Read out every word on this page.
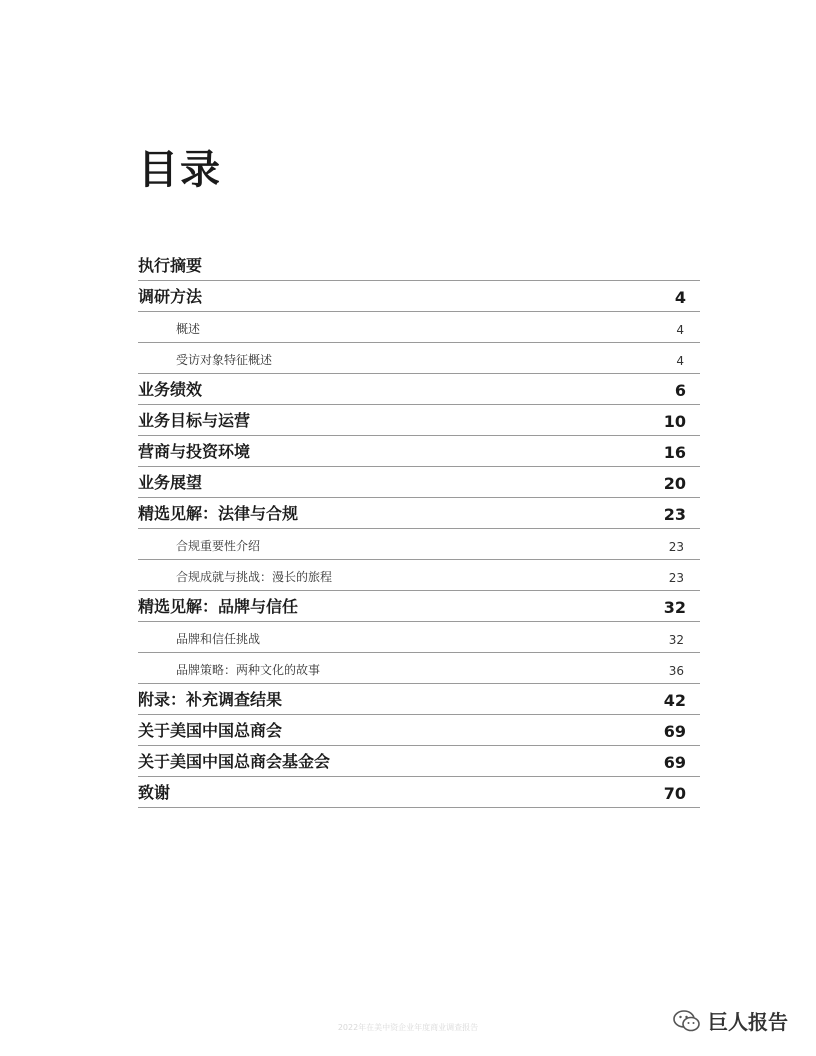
目录
执行摘要
调研方法	4
概述	4
受访对象特征概述	4
业务绩效	6
业务目标与运营	10
营商与投资环境	16
业务展望	20
精选见解：法律与合规	23
合规重要性介绍	23
合规成就与挑战：漫长的旅程	23
精选见解：品牌与信任	32
品牌和信任挑战	32
品牌策略：两种文化的故事	36
附录：补充调查结果	42
关于美国中国总商会	69
关于美国中国总商会基金会	69
致谢	70
2022年在美中资企业年度商业调查报告	巨人报告
